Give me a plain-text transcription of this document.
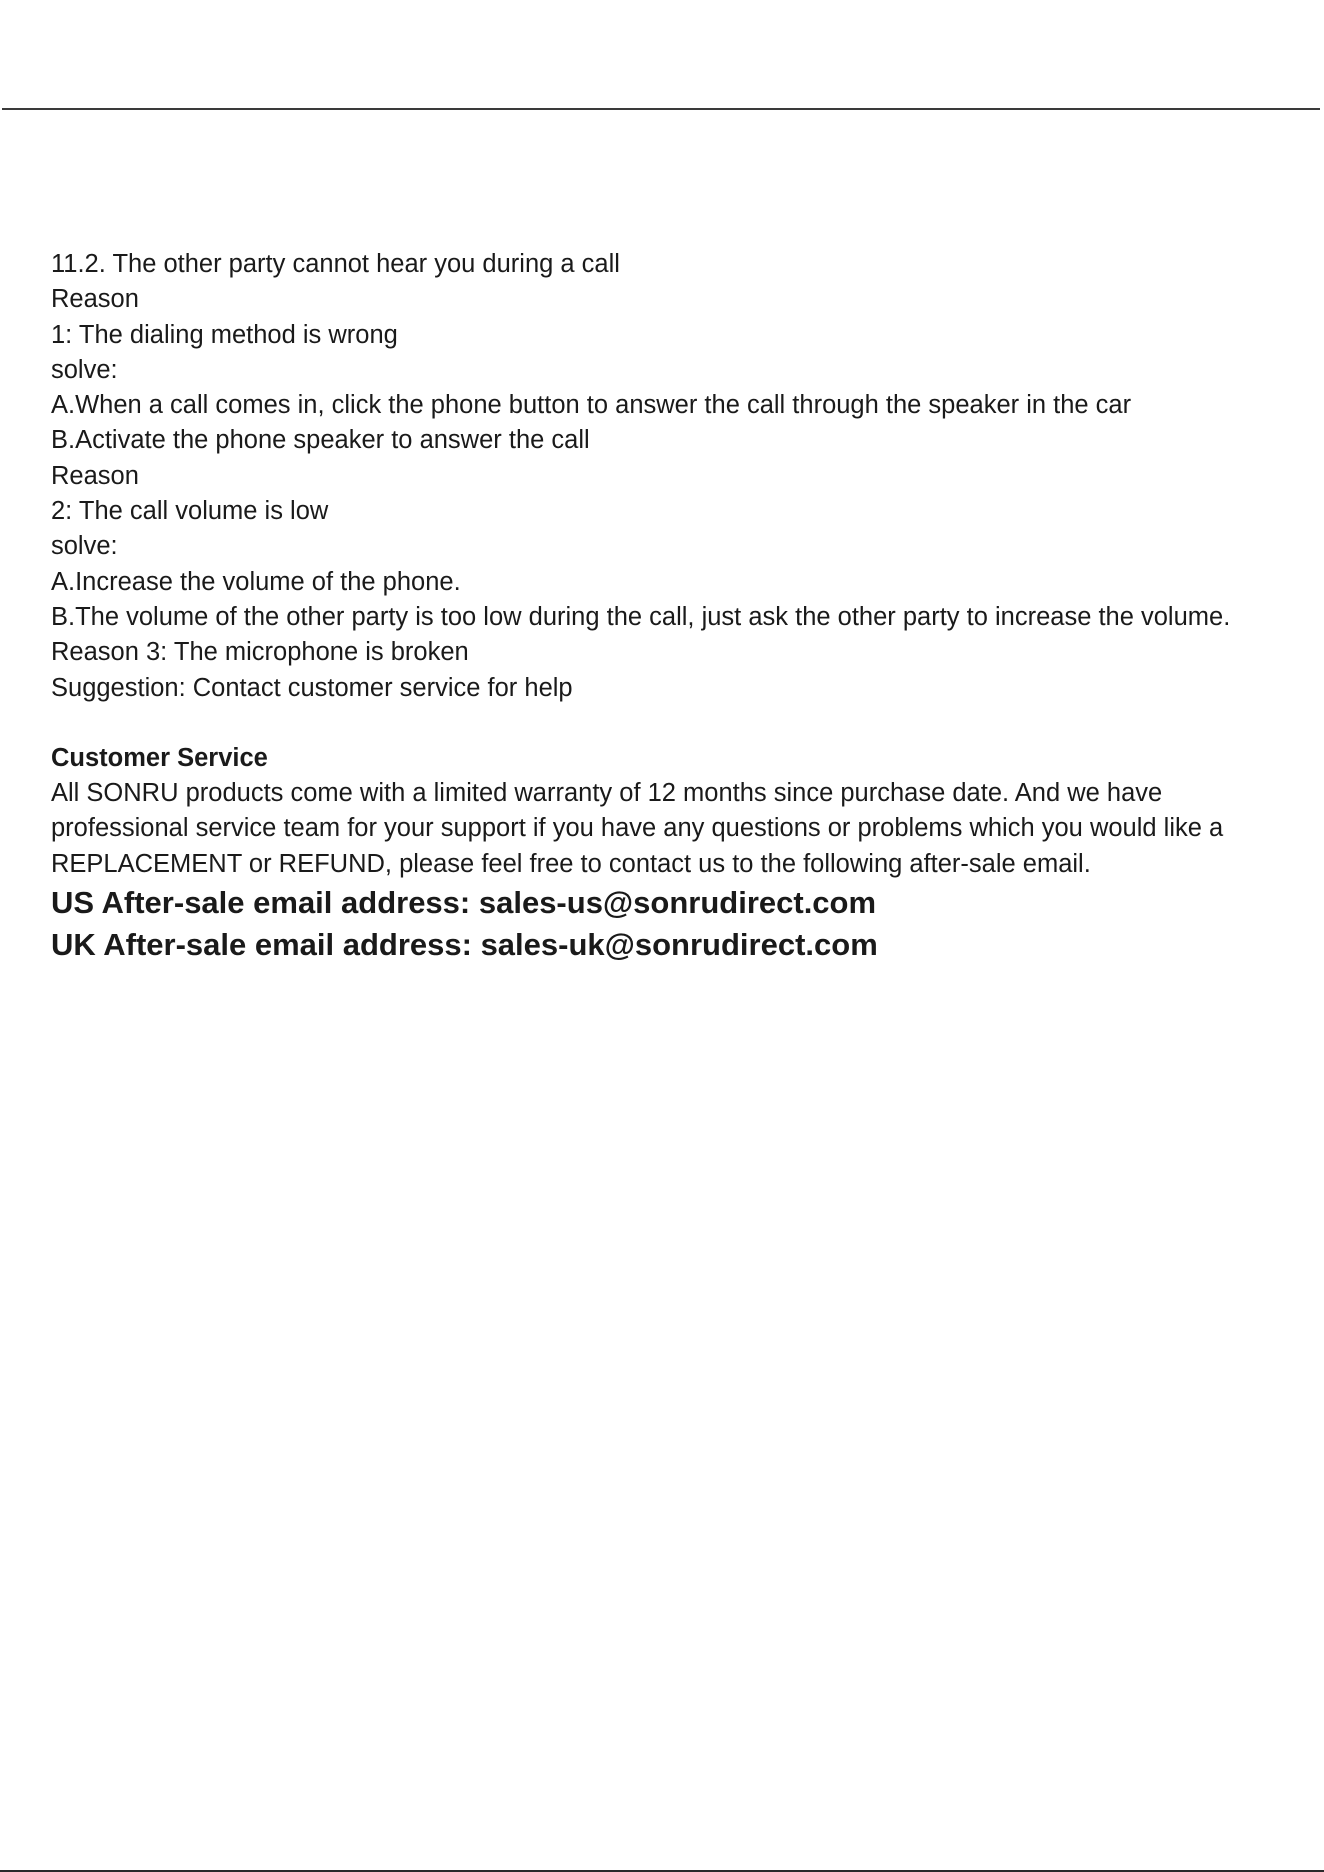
11.2. The other party cannot hear you during a call

Reason

1: The dialing method is wrong

solve:

A.When a call comes in, click the phone button to answer the call through the speaker in the car

B.Activate the phone speaker to answer the call

Reason

2: The call volume is low

solve:

A.Increase the volume of the phone.

B.The volume of the other party is too low during the call, just ask the other party to increase the volume.

Reason 3: The microphone is broken

Suggestion: Contact customer service for help

Customer Service

All SONRU products come with a limited warranty of 12 months since purchase date. And we have professional service team for your support if you have any questions or problems which you would like a REPLACEMENT or REFUND, please feel free to contact us to the following after-sale email.

US After-sale email address: sales-us@sonrudirect.com

UK After-sale email address: sales-uk@sonrudirect.com
